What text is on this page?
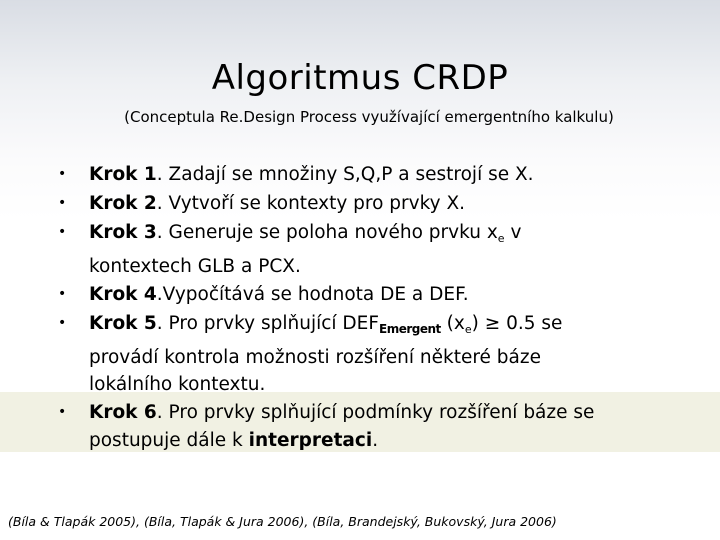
Algoritmus CRDP
(Conceptula Re.Design Process využívající emergentního kalkulu)
• Krok 1. Zadají se množiny S,Q,P a sestrojí se X.
• Krok 2. Vytvoří se kontexty pro prvky X.
• Krok 3. Generuje se poloha nového prvku $x_e$ v
kontextech GLB a PCX.
• Krok 4.Vypočítává se hodnota DE a DEF.
• Krok 5. Pro prvky splňující $DEF_{Emergent}$ $(x_e) \ge 0.5$ se
provádí kontrola možnosti rozšíření některé báze
lokálního kontextu.
• Krok 6. Pro prvky splňující podmínky rozšíření báze se
postupuje dále k interpretaci.
(Bíla & Tlapák 2005), (Bíla, Tlapák & Jura 2006), (Bíla, Brandejský, Bukovský, Jura 2006)
